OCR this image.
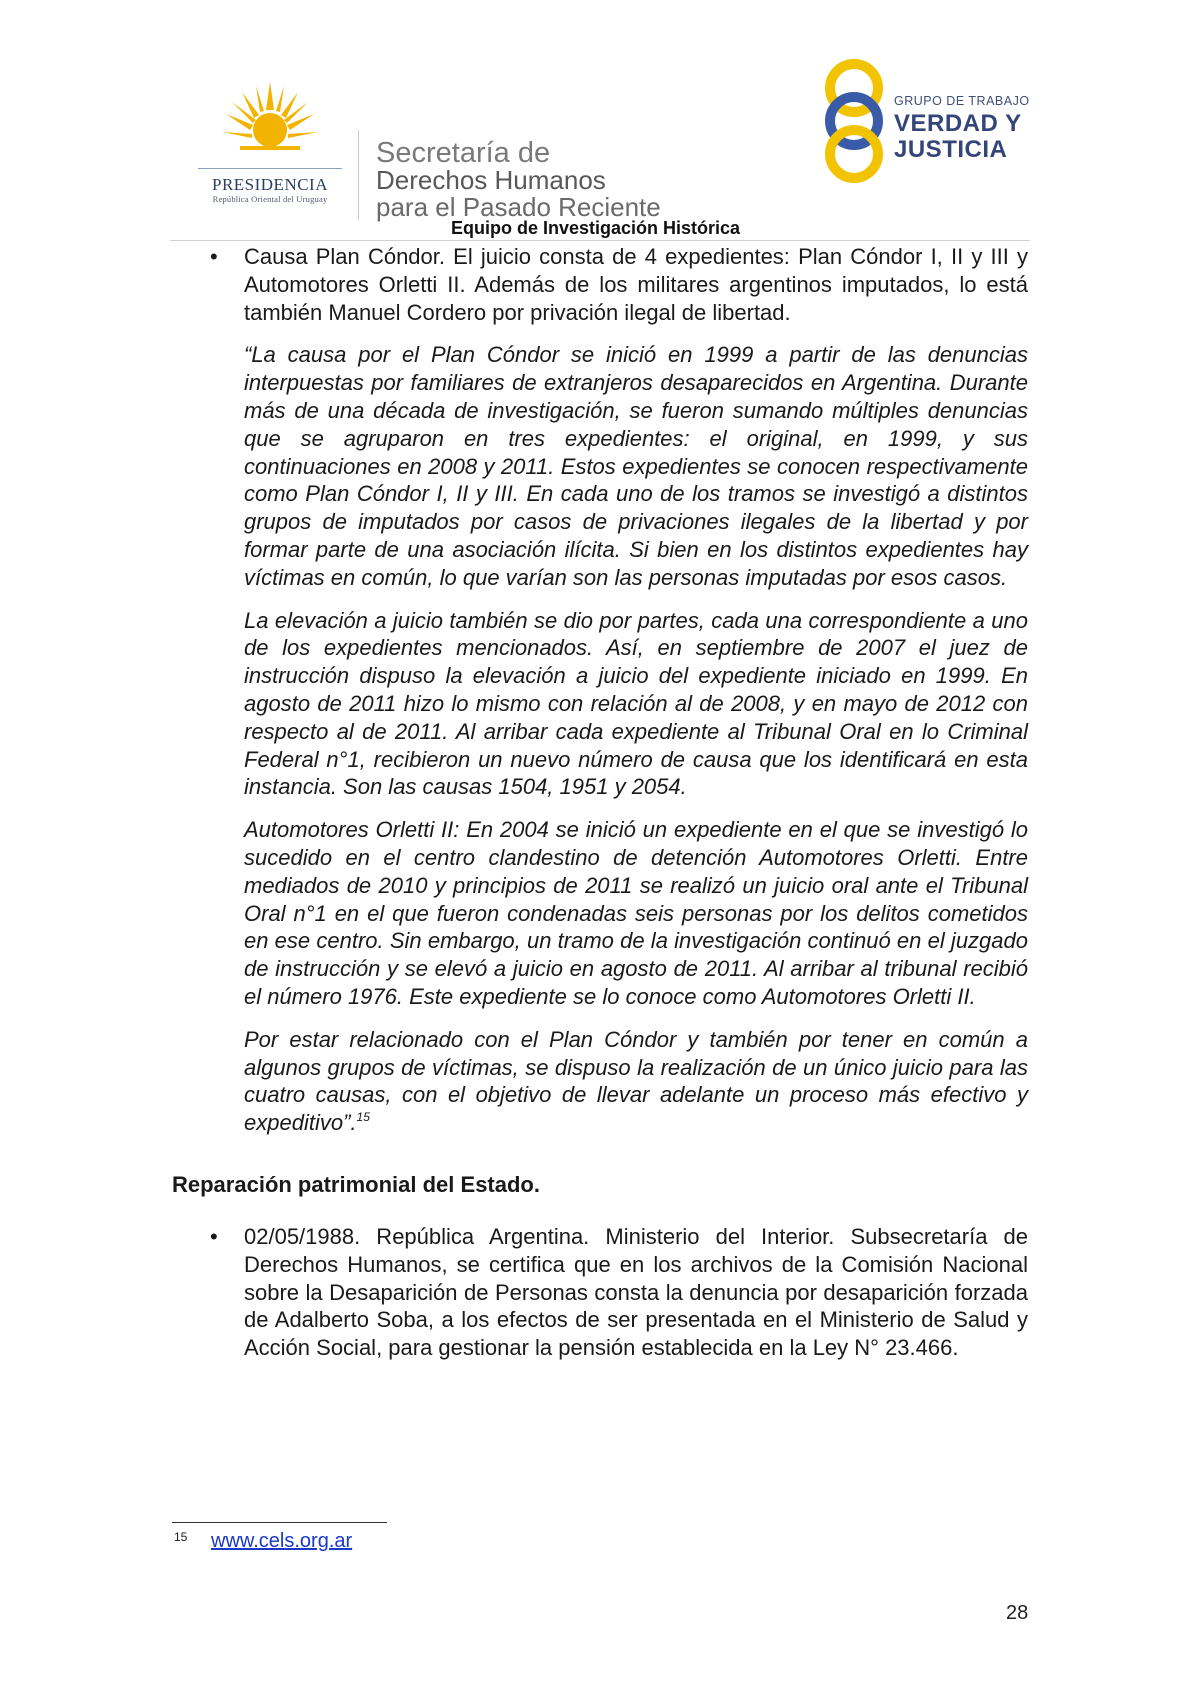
PRESIDENCIA
República Oriental del Uruguay
Secretaría de
Derechos Humanos
para el Pasado Reciente
GRUPO DE TRABAJO
VERDAD Y
JUSTICIA
Equipo de Investigación Histórica
• Causa Plan Cóndor. El juicio consta de 4 expedientes: Plan Cóndor I, II y III y Automotores Orletti II. Además de los militares argentinos imputados, lo está también Manuel Cordero por privación ilegal de libertad.

“La causa por el Plan Cóndor se inició en 1999 a partir de las denuncias interpuestas por familiares de extranjeros desaparecidos en Argentina. Durante más de una década de investigación, se fueron sumando múltiples denuncias que se agruparon en tres expedientes: el original, en 1999, y sus continuaciones en 2008 y 2011. Estos expedientes se conocen respectivamente como Plan Cóndor I, II y III. En cada uno de los tramos se investigó a distintos grupos de imputados por casos de privaciones ilegales de la libertad y por formar parte de una asociación ilícita. Si bien en los distintos expedientes hay víctimas en común, lo que varían son las personas imputadas por esos casos.

La elevación a juicio también se dio por partes, cada una correspondiente a uno de los expedientes mencionados. Así, en septiembre de 2007 el juez de instrucción dispuso la elevación a juicio del expediente iniciado en 1999. En agosto de 2011 hizo lo mismo con relación al de 2008, y en mayo de 2012 con respecto al de 2011. Al arribar cada expediente al Tribunal Oral en lo Criminal Federal n°1, recibieron un nuevo número de causa que los identificará en esta instancia. Son las causas 1504, 1951 y 2054.

Automotores Orletti II: En 2004 se inició un expediente en el que se investigó lo sucedido en el centro clandestino de detención Automotores Orletti. Entre mediados de 2010 y principios de 2011 se realizó un juicio oral ante el Tribunal Oral n°1 en el que fueron condenadas seis personas por los delitos cometidos en ese centro. Sin embargo, un tramo de la investigación continuó en el juzgado de instrucción y se elevó a juicio en agosto de 2011. Al arribar al tribunal recibió el número 1976. Este expediente se lo conoce como Automotores Orletti II.

Por estar relacionado con el Plan Cóndor y también por tener en común a algunos grupos de víctimas, se dispuso la realización de un único juicio para las cuatro causas, con el objetivo de llevar adelante un proceso más efectivo y expeditivo”.$^{15}$

Reparación patrimonial del Estado.
• 02/05/1988. República Argentina. Ministerio del Interior. Subsecretaría de Derechos Humanos, se certifica que en los archivos de la Comisión Nacional sobre la Desaparición de Personas consta la denuncia por desaparición forzada de Adalberto Soba, a los efectos de ser presentada en el Ministerio de Salud y Acción Social, para gestionar la pensión establecida en la Ley N° 23.466.

15 www.cels.org.ar
28
